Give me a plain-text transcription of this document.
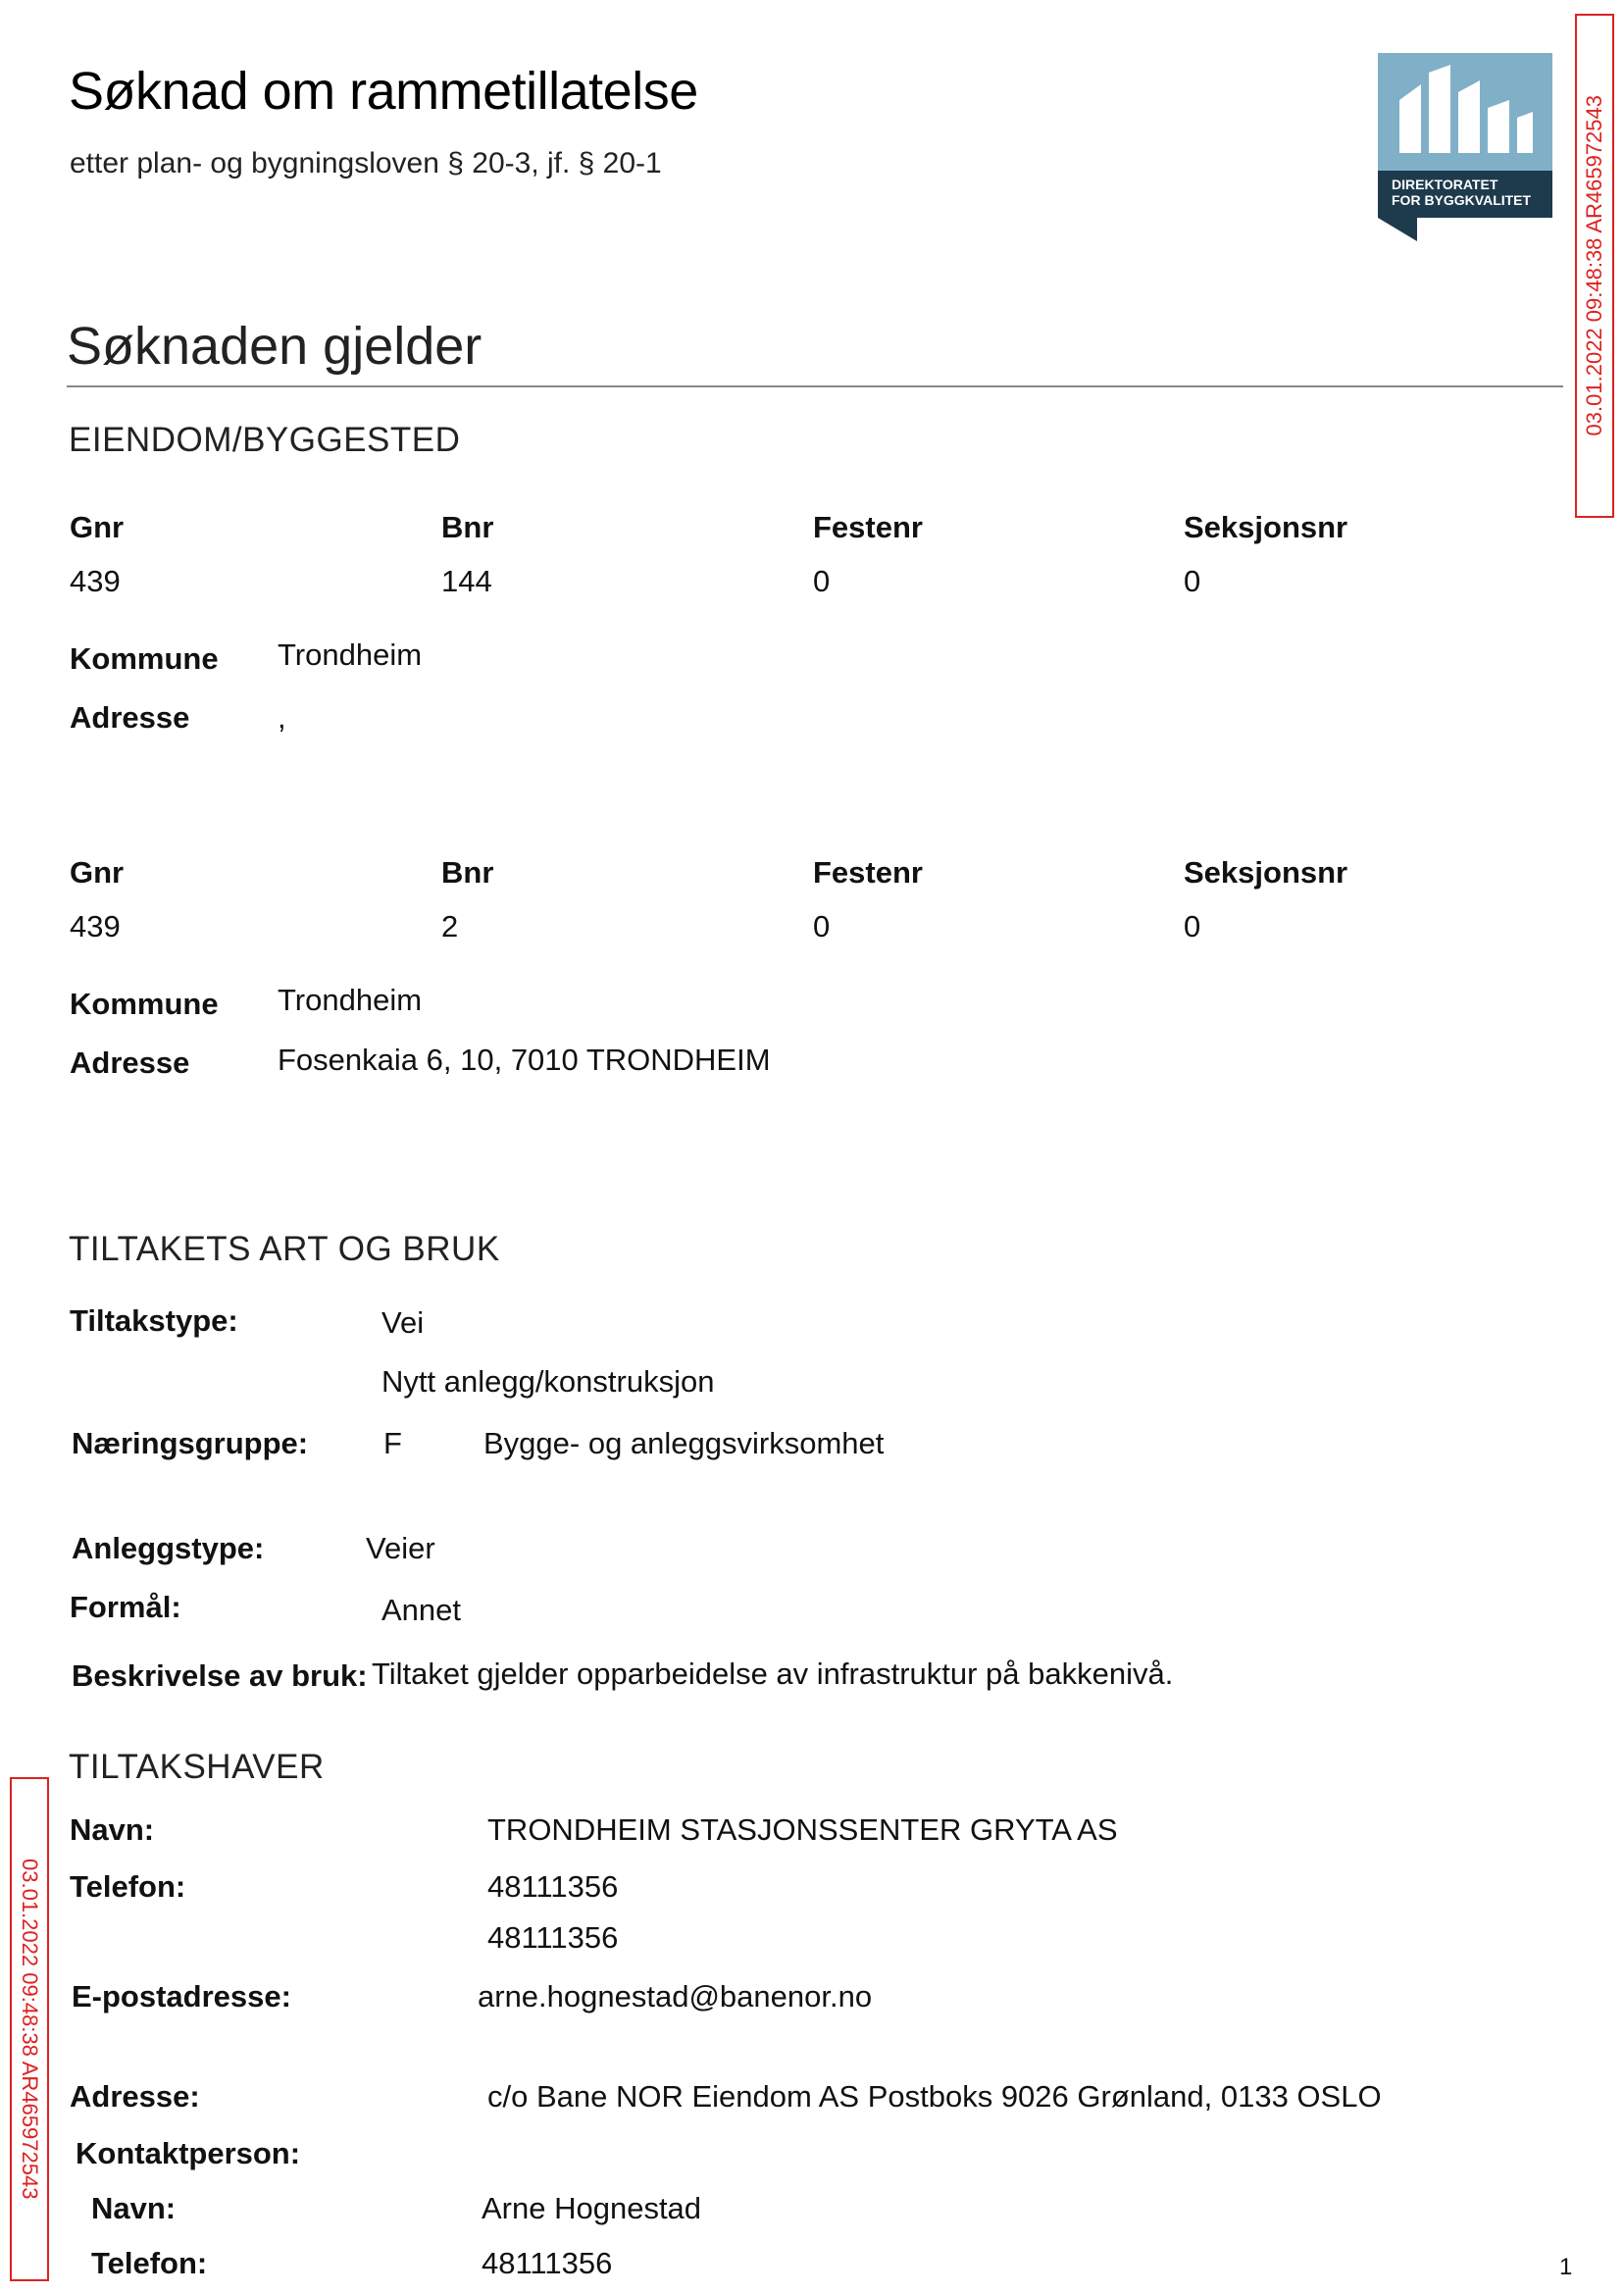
Søknad om rammetillatelse
etter plan- og bygningsloven § 20-3, jf. § 20-1
DIREKTORATET
FOR BYGGKVALITET 03.01.2022 09:48:38 AR465972543
03.01.2022 09:48:38 AR465972543
Søknaden gjelder
EIENDOM/BYGGESTED
Gnr	Bnr	Festenr	Seksjonsnr
439	144	0	0
Kommune Trondheim
Adresse	,
Gnr	Bnr	Festenr	Seksjonsnr
439	2	0	0
Kommune Trondheim
Adresse	Fosenkaia 6, 10, 7010 TRONDHEIM
TILTAKETS ART OG BRUK
Tiltakstype:	Vei
Nytt anlegg/konstruksjon
Næringsgruppe: F	Bygge- og anleggsvirksomhet
Anleggstype:	Veier
Formål:	Annet
Beskrivelse av bruk: Tiltaket gjelder opparbeidelse av infrastruktur på bakkenivå.
TILTAKSHAVER
Navn:	TRONDHEIM STASJONSSENTER GRYTA AS
Telefon:	48111356
48111356
E-postadresse:	arne.hognestad@banenor.no
Adresse:	c/o Bane NOR Eiendom AS Postboks 9026 Grønland, 0133 OSLO
Kontaktperson:
Navn:	Arne Hognestad
Telefon:	48111356	1
